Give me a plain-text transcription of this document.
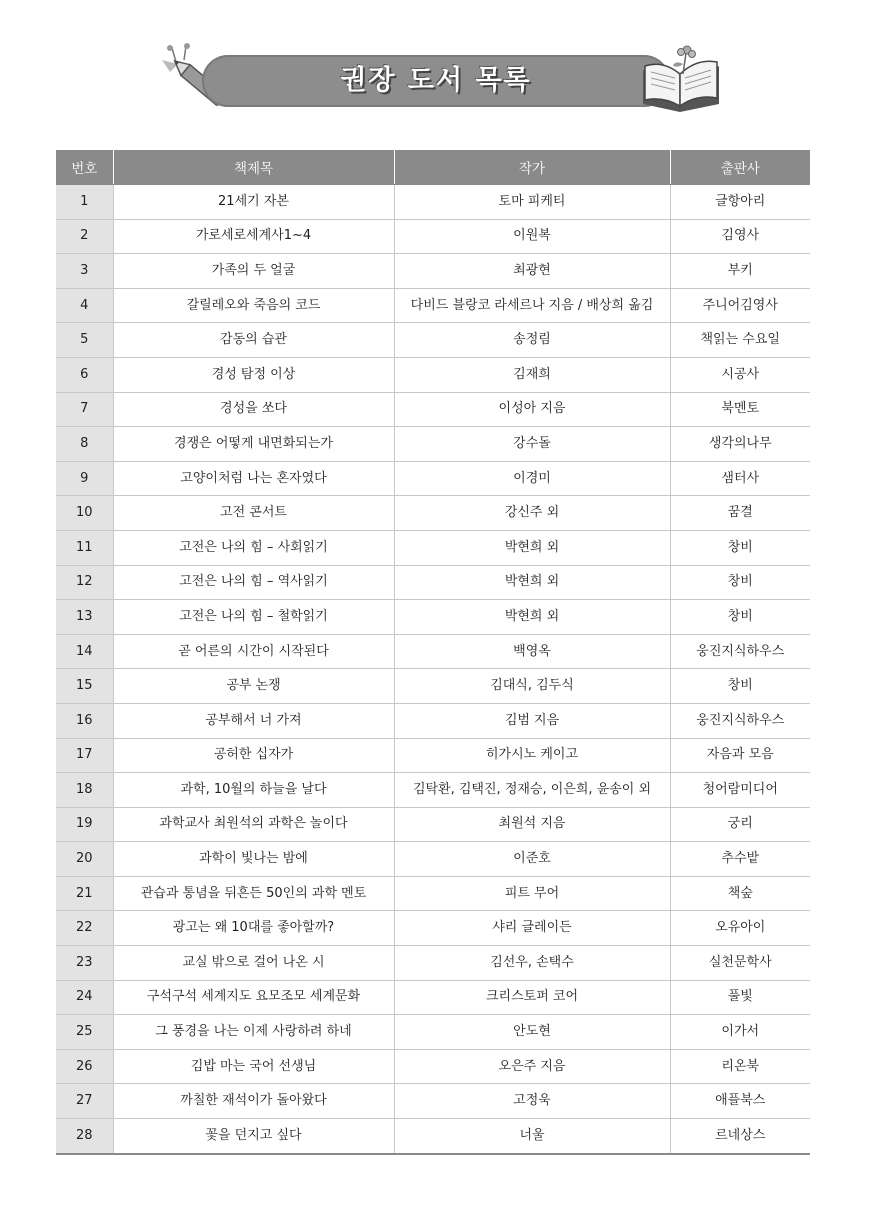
권장 도서 목록
번호	책제목	작가	출판사
1	21세기 자본	토마 피케티	글항아리
2	가로세로세계사1~4	이원복	김영사
3	가족의 두 얼굴	최광현	부키
4	갈릴레오와 죽음의 코드	다비드 블랑코 라세르나 지음 / 배상희 옮김	주니어김영사
5	감동의 습관	송정림	책읽는 수요일
6	경성 탐정 이상	김재희	시공사
7	경성을 쏘다	이성아 지음	북멘토
8	경쟁은 어떻게 내면화되는가	강수돌	생각의나무
9	고양이처럼 나는 혼자였다	이경미	샘터사
10	고전 콘서트	강신주 외	꿈결
11	고전은 나의 힘 – 사회읽기	박현희 외	창비
12	고전은 나의 힘 – 역사읽기	박현희 외	창비
13	고전은 나의 힘 – 철학읽기	박현희 외	창비
14	곧 어른의 시간이 시작된다	백영옥	웅진지식하우스
15	공부 논쟁	김대식, 김두식	창비
16	공부해서 너 가져	김범 지음	웅진지식하우스
17	공허한 십자가	히가시노 케이고	자음과 모음
18	과학, 10월의 하늘을 날다	김탁환, 김택진, 정재승, 이은희, 윤송이 외	청어람미디어
19	과학교사 최원석의 과학은 놀이다	최원석 지음	궁리
20	과학이 빛나는 밤에	이준호	추수밭
21	관습과 통념을 뒤흔든 50인의 과학 멘토	피트 무어	책숲
22	광고는 왜 10대를 좋아할까?	샤리 글레이든	오유아이
23	교실 밖으로 걸어 나온 시	김선우, 손택수	실천문학사
24	구석구석 세계지도 요모조모 세계문화	크리스토퍼 코어	풀빛
25	그 풍경을 나는 이제 사랑하려 하네	안도현	이가서
26	김밥 마는 국어 선생님	오은주 지음	리온북
27	까칠한 재석이가 돌아왔다	고정욱	애플북스
28	꽃을 던지고 싶다	너울	르네상스
